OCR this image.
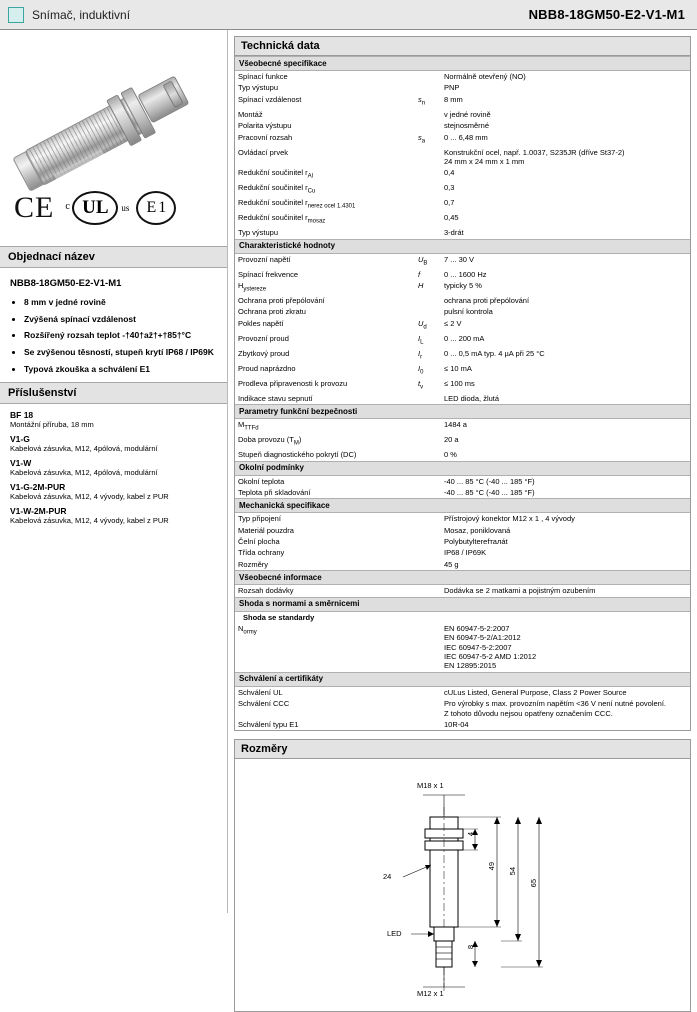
Snímač, induktivní	NBB8-18GM50-E2-V1-M1
CE c UL us E 1
Objednací název
NBB8-18GM50-E2-V1-M1
• 8 mm v jedné rovině
• Zvýšená spínací vzdálenost
• Rozšířený rozsah teplot -†40†až†+†85†°C
• Se zvýšenou těsností, stupeň krytí IP68 / IP69K
• Typová zkouška a schválení E1
Příslušenství
BF 18
Montážní příruba, 18 mm
V1-G
Kabelová zásuvka, M12, 4pólová, modulární
V1-W
Kabelová zásuvka, M12, 4pólová, modulární
V1-G-2M-PUR
Kabelová zásuvka, M12, 4 vývody, kabel z PUR
V1-W-2M-PUR
Kabelová zásuvka, M12, 4 vývody, kabel z PUR
Technická data
Všeobecné specifikace		
Spínací funkce		Normálně otevřený (NO)
Typ výstupu		PNP
Spínací vzdálenost	$s_n$	8 mm
Montáž		v jedné rovině
Polarita výstupu		stejnosměrné
Pracovní rozsah	$s_a$	0 ... 6,48 mm
Ovládací prvek		Konstrukční ocel, např. 1.0037, S235JR (dříve St37-2)
24 mm x 24 mm x 1 mm
Redukční součinitel $r_{Al}$		0,4
Redukční součinitel $r_{Cu}$		0,3
Redukční součinitel $r_{nerez ocel 1.4301}$		0,7
Redukční součinitel $r_{mosaz}$		0,45
Typ výstupu		3-drát
Charakteristické hodnoty		
Provozní napětí	$U_B$	7 ... 30 V
Spínací frekvence	f	0 ... 1600 Hz
$H_{ystereze}$	H	typicky 5 %
Ochrana proti přepólování		ochrana proti přepólování
Ochrana proti zkratu		pulsní kontrola
Pokles napětí	$U_d$	≤ 2 V
Provozní proud	$I_L$	0 ... 200 mA
Zbytkový proud	$I_r$	0 ... 0,5 mA typ. 4 µA při 25 °C
Proud naprázdno	$I_0$	≤ 10 mA
Prodleva připravenosti k provozu	$t_v$	≤ 100 ms
Indikace stavu sepnutí		LED dioda, žlutá
Parametry funkční bezpečnosti		
$M_{TTFd}$		1484 a
Doba provozu $(T_M)$		20 a
Stupeň diagnostického pokrytí (DC)		0 %
Okolní podmínky		
Okolní teplota		-40 ... 85 °C (-40 ... 185 °F)
Teplota při skladování		-40 ... 85 °C (-40 ... 185 °F)
Mechanická specifikace		
Typ připojení		Přístrojový konektor M12 x 1 , 4 vývody
Materiál pouzdra		Mosaz, poniklovaná
Čelní plocha		Polybutylterefталát
Třída ochrany		IP68 / IP69K
Rozměry		45 g
Všeobecné informace		
Rozsah dodávky		Dodávka se 2 matkami a pojistným ozubením
Shoda s normami a směrnicemi		
Shoda se standardy		
$N_{ormy}$		EN 60947-5-2:2007
EN 60947-5-2/A1:2012
IEC 60947-5-2:2007
IEC 60947-5-2 AMD 1:2012
EN 12895:2015
Schválení a certifikáty		
Schválení UL		cULus Listed, General Purpose, Class 2 Power Source
Schválení CCC		Pro výrobky s max. provozním napětím <36 V není nutné povolení.
Z tohoto důvodu nejsou opatřeny označením CCC.
Schválení typu E1		10R-04
Rozměry
M18 x 1
M12 x 1
LED
24
4
8
49
54
65
